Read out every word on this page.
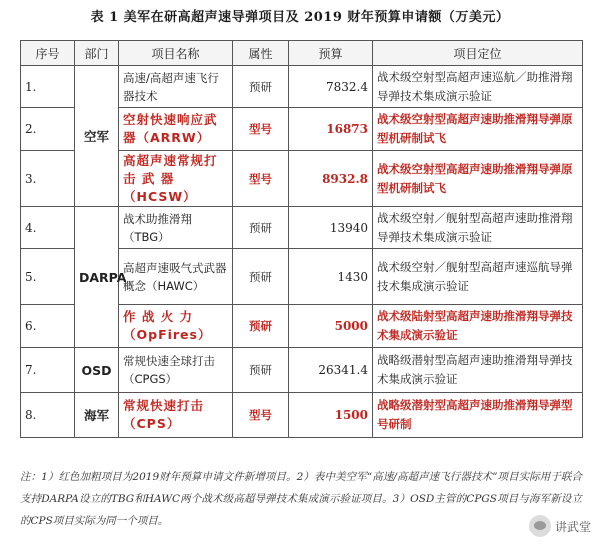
表 1 美军在研高超声速导弹项目及 2019 财年预算申请额（万美元）
序号	部门	项目名称	属性	预算	项目定位
1.	空军	高速/高超声速飞行器技术	预研	7832.4	战术级空射型高超声速巡航／助推滑翔导弹技术集成演示验证
2.		空射快速响应武器（ARRW）	型号	16873	战术级空射型高超声速助推滑翔导弹原型机研制试飞
3.		高超声速常规打击 武 器（HCSW）	型号	8932.8	战术级空射型高超声速助推滑翔导弹原型机研制试飞
4.	DARPA	战术助推滑翔（TBG）	预研	13940	战术级空射／舰射型高超声速助推滑翔导弹技术集成演示验证
5.		高超声速吸气式武器概念（HAWC）	预研	1430	战术级空射／舰射型高超声速巡航导弹技术集成演示验证
6.		作 战 火 力（OpFires）	预研	5000	战术级陆射型高超声速助推滑翔导弹技术集成演示验证
7.	OSD	常规快速全球打击（CPGS）	预研	26341.4	战略级潜射型高超声速助推滑翔导弹技术集成演示验证
8.	海军	常规快速打击（CPS）	型号	1500	战略级潜射型高超声速助推滑翔导弹型号研制
注：1）红色加粗项目为2019财年预算申请文件新增项目。2）表中美空军“高速/高超声速飞行器技术”项目实际用于联合支持DARPA设立的TBG和HAWC两个战术级高超导弹技术集成演示验证项目。3）OSD主管的CPGS项目与海军新设立的CPS项目实际为同一个项目。	讲武堂
